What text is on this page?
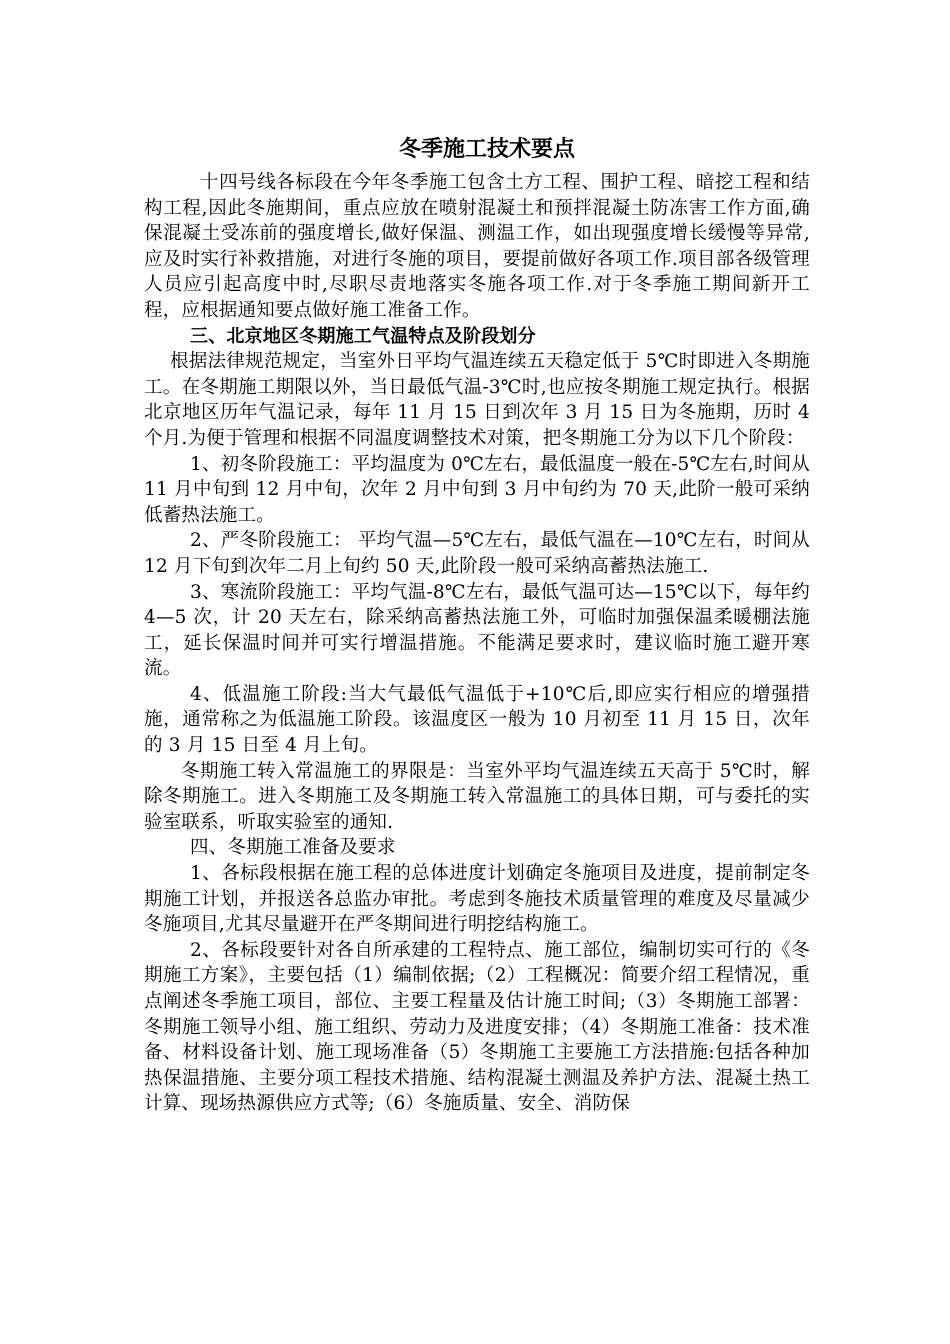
冬季施工技术要点

十四号线各标段在今年冬季施工包含土方工程、围护工程、暗挖工程和结构工程,因此冬施期间，重点应放在喷射混凝土和预拌混凝土防冻害工作方面,确保混凝土受冻前的强度增长,做好保温、测温工作，如出现强度增长缓慢等异常,应及时实行补救措施，对进行冬施的项目，要提前做好各项工作.项目部各级管理人员应引起高度中时,尽职尽责地落实冬施各项工作.对于冬季施工期间新开工程，应根据通知要点做好施工准备工作。

三、北京地区冬期施工气温特点及阶段划分

根据法律规范规定，当室外日平均气温连续五天稳定低于 5℃时即进入冬期施工。在冬期施工期限以外，当日最低气温-3℃时,也应按冬期施工规定执行。根据北京地区历年气温记录，每年 11 月 15 日到次年 3 月 15 日为冬施期，历时 4 个月.为便于管理和根据不同温度调整技术对策，把冬期施工分为以下几个阶段：

1、初冬阶段施工：平均温度为 0℃左右，最低温度一般在-5℃左右,时间从 11 月中旬到 12 月中旬，次年 2 月中旬到 3 月中旬约为 70 天,此阶一般可采纳低蓄热法施工。

2、严冬阶段施工： 平均气温—5℃左右，最低气温在—10℃左右，时间从 12 月下旬到次年二月上旬约 50 天,此阶段一般可采纳高蓄热法施工.

3、寒流阶段施工：平均气温-8℃左右，最低气温可达—15℃以下，每年约 4—5 次，计 20 天左右，除采纳高蓄热法施工外，可临时加强保温柔暖棚法施工，延长保温时间并可实行增温措施。不能满足要求时，建议临时施工避开寒流。

4、低温施工阶段:当大气最低气温低于+10℃后,即应实行相应的增强措施，通常称之为低温施工阶段。该温度区一般为 10 月初至 11 月 15 日，次年的 3 月 15 日至 4 月上旬。

冬期施工转入常温施工的界限是：当室外平均气温连续五天高于 5℃时，解除冬期施工。进入冬期施工及冬期施工转入常温施工的具体日期，可与委托的实验室联系，听取实验室的通知.

四、冬期施工准备及要求

1、各标段根据在施工程的总体进度计划确定冬施项目及进度，提前制定冬期施工计划，并报送各总监办审批。考虑到冬施技术质量管理的难度及尽量减少冬施项目,尤其尽量避开在严冬期间进行明挖结构施工。

2、各标段要针对各自所承建的工程特点、施工部位，编制切实可行的《冬期施工方案》，主要包括（1）编制依据;（2）工程概况：简要介绍工程情况，重点阐述冬季施工项目，部位、主要工程量及估计施工时间;（3）冬期施工部署：冬期施工领导小组、施工组织、劳动力及进度安排；（4）冬期施工准备：技术准备、材料设备计划、施工现场准备（5）冬期施工主要施工方法措施:包括各种加热保温措施、主要分项工程技术措施、结构混凝土测温及养护方法、混凝土热工计算、现场热源供应方式等;（6）冬施质量、安全、消防保
